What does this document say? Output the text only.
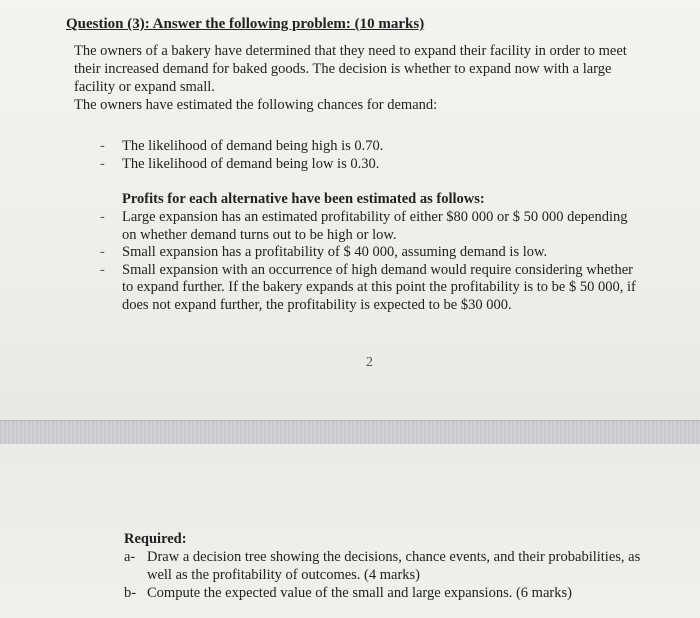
Question (3): Answer the following problem: (10 marks)
The owners of a bakery have determined that they need to expand their facility in order to meet
their increased demand for baked goods. The decision is whether to expand now with a large
facility or expand small.
The owners have estimated the following chances for demand:
- The likelihood of demand being high is 0.70.
- The likelihood of demand being low is 0.30.

Profits for each alternative have been estimated as follows:

- Large expansion has an estimated profitability of either $80 000 or $ 50 000 depending
on whether demand turns out to be high or low.
- Small expansion has a profitability of $ 40 000, assuming demand is low.
- Small expansion with an occurrence of high demand would require considering whether
to expand further. If the bakery expands at this point the profitability is to be $ 50 000, if
does not expand further, the profitability is expected to be $30 000.

2

Required:

a- Draw a decision tree showing the decisions, chance events, and their probabilities, as
well as the profitability of outcomes. (4 marks)
b- Compute the expected value of the small and large expansions. (6 marks)
